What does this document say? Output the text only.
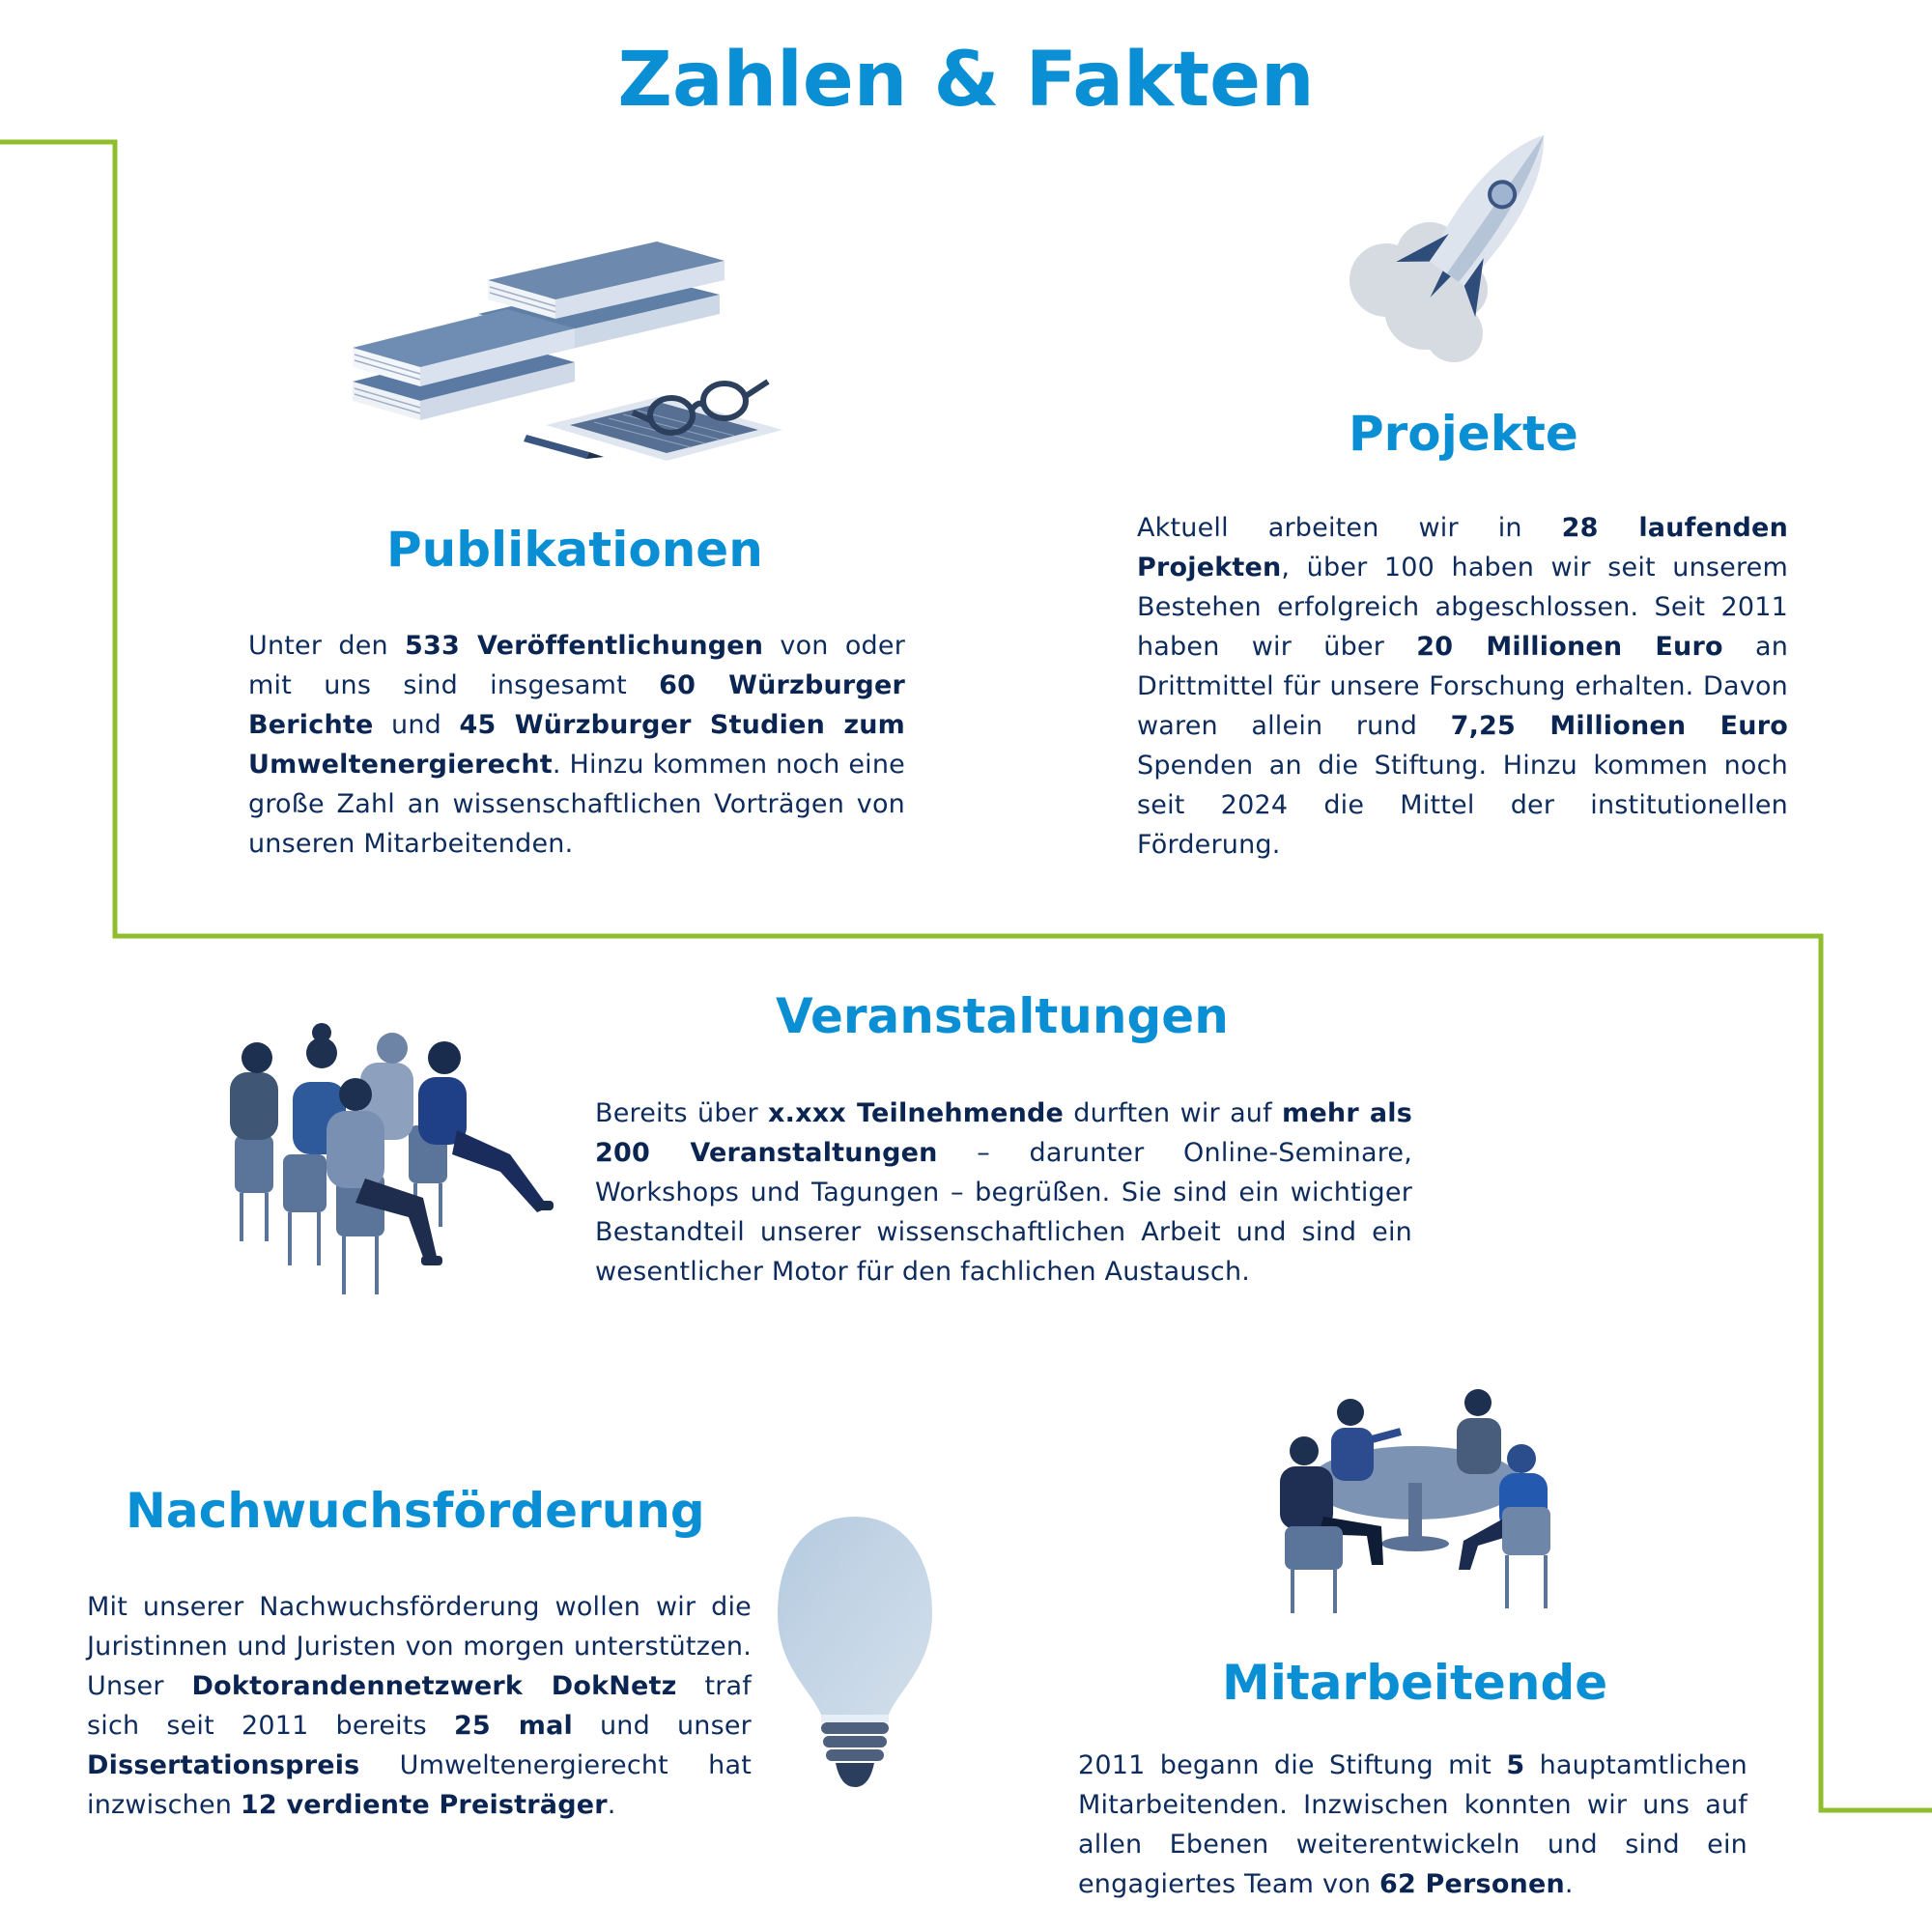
Zahlen & Fakten
Publikationen

Unter den 533 Veröffentlichungen von oder mit uns sind insgesamt 60 Würzburger Berichte und 45 Würzburger Studien zum Umweltenergierecht. Hinzu kommen noch eine große Zahl an wissenschaftlichen Vorträgen von unseren Mitarbeitenden.

Projekte

Aktuell arbeiten wir in 28 laufenden Projekten, über 100 haben wir seit unserem Bestehen erfolgreich abgeschlossen. Seit 2011 haben wir über 20 Millionen Euro an Drittmittel für unsere Forschung erhalten. Davon waren allein rund 7,25 Millionen Euro Spenden an die Stiftung. Hinzu kommen noch seit 2024 die Mittel der institutionellen Förderung.

Veranstaltungen

Bereits über x.xxx Teilnehmende durften wir auf mehr als 200 Veranstaltungen – darunter Online-Seminare, Workshops und Tagungen – begrüßen. Sie sind ein wichtiger Bestandteil unserer wissenschaftlichen Arbeit und sind ein wesentlicher Motor für den fachlichen Austausch.

Nachwuchsförderung

Mit unserer Nachwuchsförderung wollen wir die Juristinnen und Juristen von morgen unterstützen. Unser Doktorandennetzwerk DokNetz traf sich seit 2011 bereits 25 mal und unser Dissertationspreis Umweltenergierecht hat inzwischen 12 verdiente Preisträger.

Mitarbeitende

2011 begann die Stiftung mit 5 hauptamtlichen Mitarbeitenden. Inzwischen konnten wir uns auf allen Ebenen weiterentwickeln und sind ein engagiertes Team von 62 Personen.
